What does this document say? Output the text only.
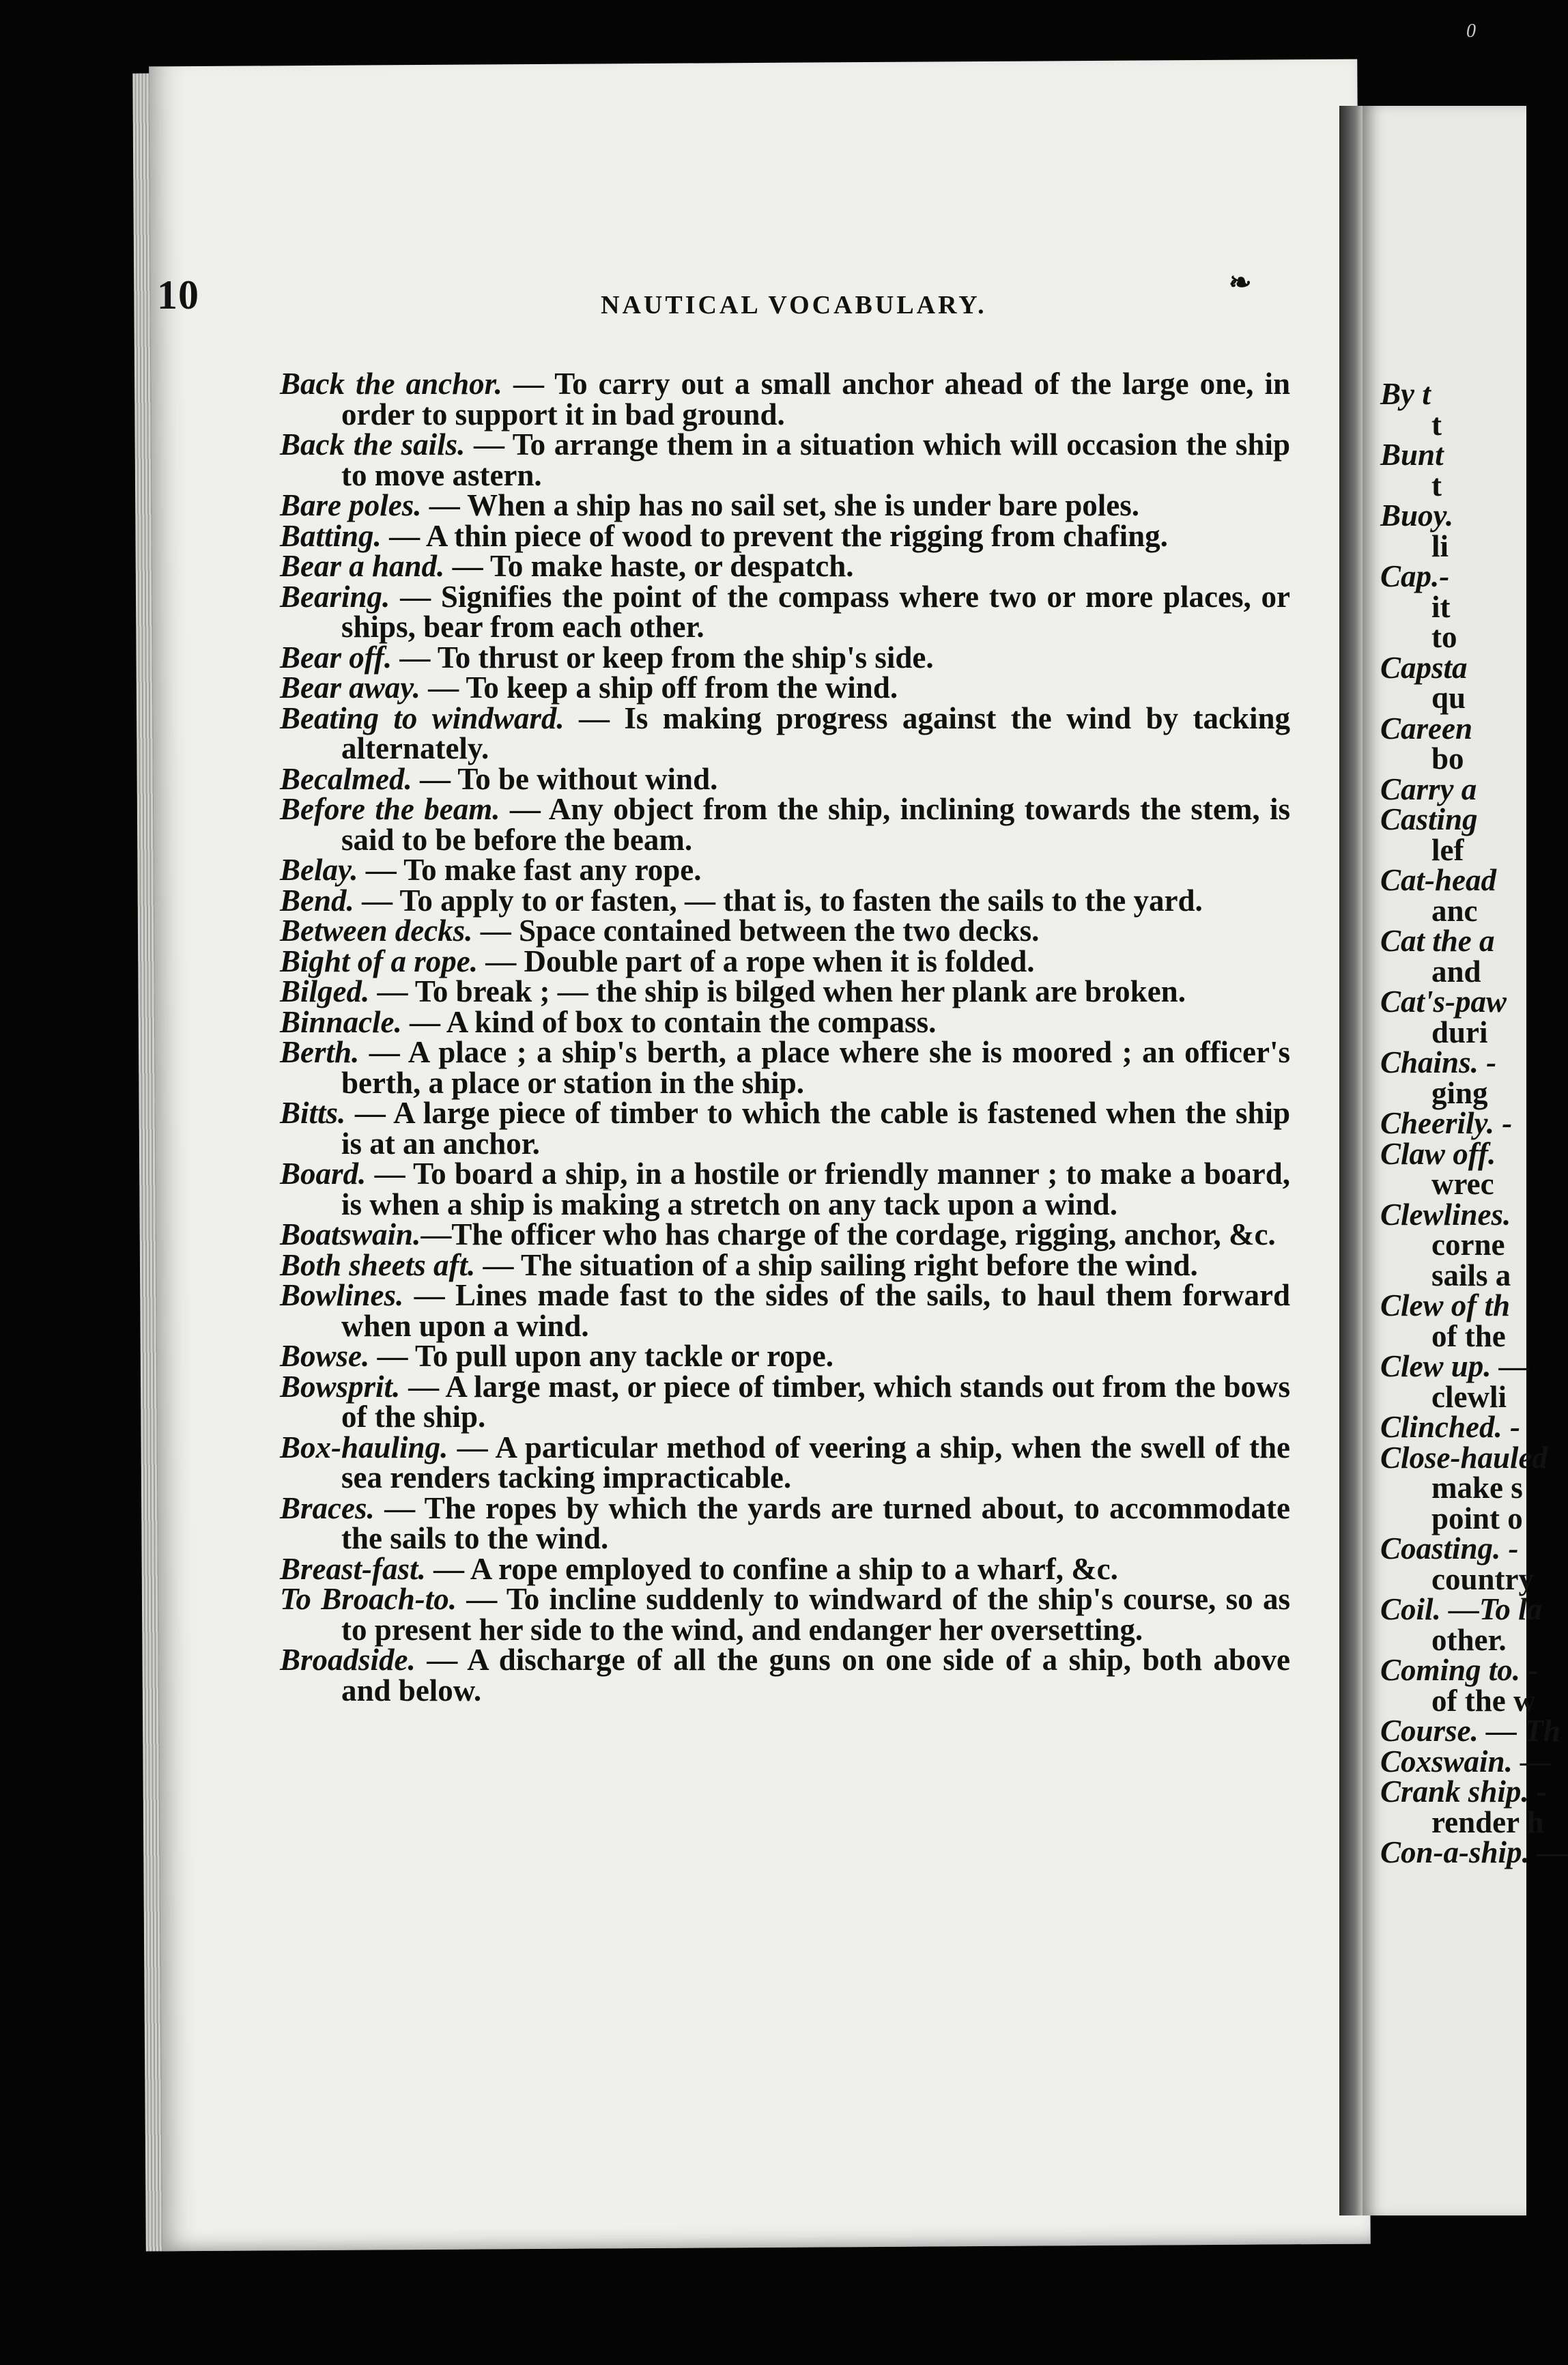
0
10	NAUTICAL VOCABULARY.
❧

Back the anchor. — To carry out a small anchor ahead of the large one, in order to support it in bad ground.

Back the sails. — To arrange them in a situation which will occasion the ship to move astern.

Bare poles. — When a ship has no sail set, she is under bare poles.

Batting. — A thin piece of wood to prevent the rigging from chafing.

Bear a hand. — To make haste, or despatch.

Bearing. — Signifies the point of the compass where two or more places, or ships, bear from each other.

Bear off. — To thrust or keep from the ship's side.

Bear away. — To keep a ship off from the wind.

Beating to windward. — Is making progress against the wind by tacking alternately.

Becalmed. — To be without wind.

Before the beam. — Any object from the ship, inclining towards the stem, is said to be before the beam.

Belay. — To make fast any rope.

Bend. — To apply to or fasten, — that is, to fasten the sails to the yard.

Between decks. — Space contained between the two decks.

Bight of a rope. — Double part of a rope when it is folded.

Bilged. — To break ; — the ship is bilged when her plank are broken.

Binnacle. — A kind of box to contain the compass.

Berth. — A place ; a ship's berth, a place where she is moored ; an officer's berth, a place or station in the ship.

Bitts. — A large piece of timber to which the cable is fastened when the ship is at an anchor.

Board. — To board a ship, in a hostile or friendly manner ; to make a board, is when a ship is making a stretch on any tack upon a wind.

Boatswain.—The officer who has charge of the cordage, rigging, anchor, &c.

Both sheets aft. — The situation of a ship sailing right before the wind.

Bowlines. — Lines made fast to the sides of the sails, to haul them forward when upon a wind.

Bowse. — To pull upon any tackle or rope.

Bowsprit. — A large mast, or piece of timber, which stands out from the bows of the ship.

Box-hauling. — A particular method of veering a ship, when the swell of the sea renders tacking impracticable.

Braces. — The ropes by which the yards are turned about, to accommodate the sails to the wind.

Breast-fast. — A rope employed to confine a ship to a wharf, &c.

To Broach-to. — To incline suddenly to windward of the ship's course, so as to present her side to the wind, and endanger her oversetting.

Broadside. — A discharge of all the guns on one side of a ship, both above and below.

By t
t
Bunt
t
Buoy.
li
Cap.-
it
to
Capsta
qu
Careen
bo
Carry a
Casting
lef
Cat-head
anc
Cat the a
and
Cat's-paw
duri
Chains. -
ging
Cheerily. -
Claw off.
wrec
Clewlines.
corne
sails a
Clew of th
of the
Clew up. —
clewli
Clinched. -
Close-hauled
make s
point o
Coasting. -
country
Coil. —To la
other.
Coming to. -
of the w
Course. — Th
Coxswain. —
Crank ship. -
render h
Con-a-ship. —
